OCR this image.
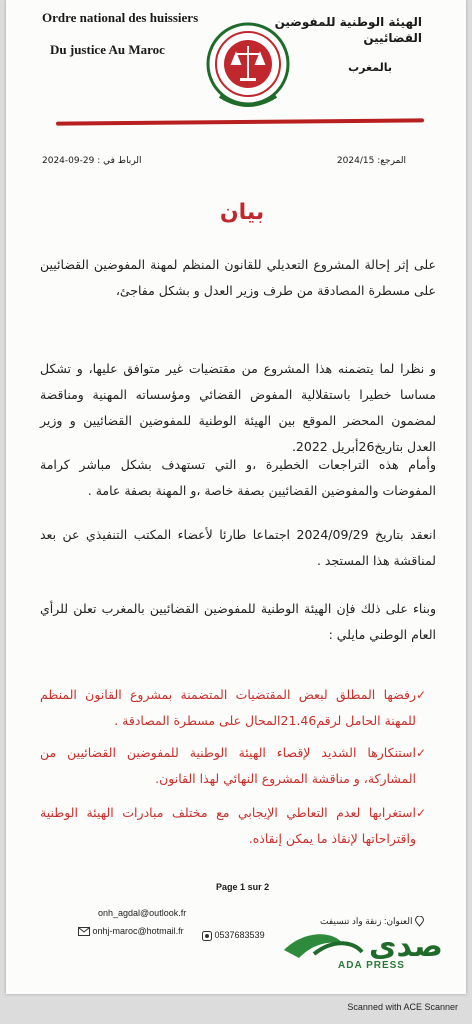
Ordre national des huissiers
Du justice Au Maroc
الهيئة الوطنية للمفوضين القضائيين
بالمغرب
الرباط في : 29-09-2024	المرجع: 2024/15
بيان
على إثر إحالة المشروع التعديلي للقانون المنظم لمهنة المفوضين القضائيين على مسطرة المصادقة من طرف وزير العدل و بشكل مفاجئ،
و نظرا لما يتضمنه هذا المشروع من مقتضيات غير متوافق عليها، و تشكل مساسا خطيرا باستقلالية المفوض القضائي ومؤسساته المهنية ومناقضة لمضمون المحضر الموقع بين الهيئة الوطنية للمفوضين القضائيين و وزير العدل بتاريخ26أبريل 2022.
وأمام هذه التراجعات الخطيرة ،و التي تستهدف بشكل مباشر كرامة المفوضات والمفوضين القضائيين بصفة خاصة ،و المهنة بصفة عامة .
انعقد بتاريخ 2024/09/29 اجتماعا طارئا لأعضاء المكتب التنفيذي عن بعد لمناقشة هذا المستجد .
وبناء على ذلك فإن الهيئة الوطنية للمفوضين القضائيين بالمغرب تعلن للرأي العام الوطني مايلي :
✓
رفضها المطلق لبعض المقتضيات المتضمنة بمشروع القانون المنظم للمهنة الحامل لرقم21.46المحال على مسطرة المصادقة .
✓
استنكارها الشديد لإقصاء الهيئة الوطنية للمفوضين القضائيين من المشاركة، و مناقشة المشروع النهائي لهذا القانون.
✓
استغرابها لعدم التعاطي الإيجابي مع مختلف مبادرات الهيئة الوطنية واقتراحاتها لإنقاذ ما يمكن إنقاذه.
Page 1 sur 2
onh_agdal@outlook.fr
onhj-maroc@hotmail.fr	0537683539
العنوان: زنقة واد تنسيفت
صدى
ADA PRESS
Scanned with ACE Scanner
